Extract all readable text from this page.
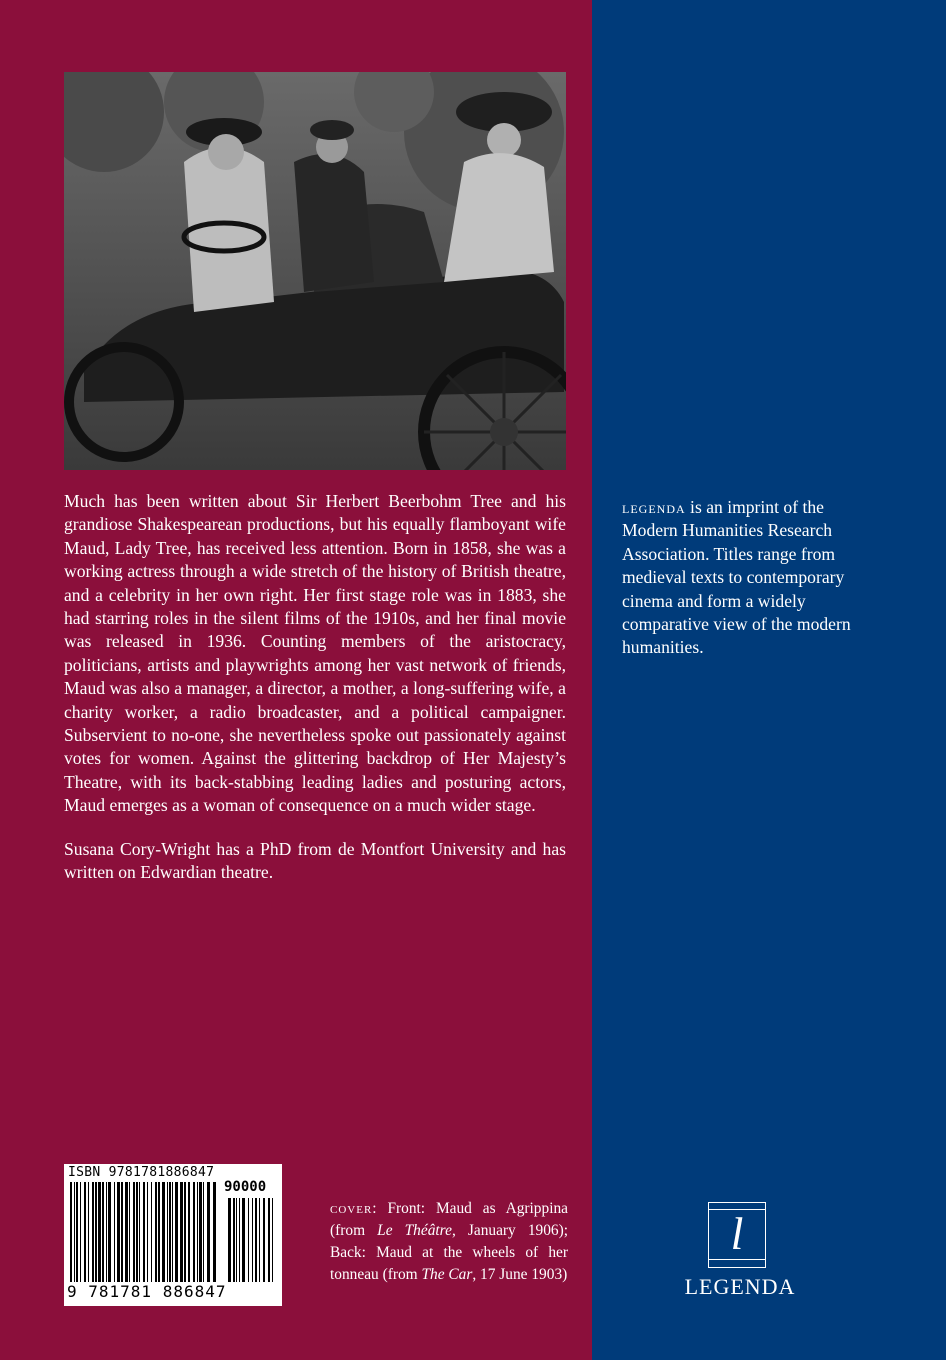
Much has been written about Sir Herbert Beerbohm Tree and his grandiose Shakespearean productions, but his equally flamboyant wife Maud, Lady Tree, has received less attention. Born in 1858, she was a working actress through a wide stretch of the history of British theatre, and a celebrity in her own right. Her first stage role was in 1883, she had starring roles in the silent films of the 1910s, and her final movie was released in 1936. Counting members of the aristocracy, politicians, artists and playwrights among her vast network of friends, Maud was also a manager, a director, a mother, a long-suffering wife, a charity worker, a radio broadcaster, and a political campaigner. Subservient to no-one, she nevertheless spoke out passionately against votes for women. Against the glittering backdrop of Her Majesty’s Theatre, with its back-stabbing leading ladies and posturing actors, Maud emerges as a woman of consequence on a much wider stage.

Susana Cory-Wright has a PhD from de Montfort University and has written on Edwardian theatre.

legenda is an imprint of the Modern Humanities Research Association. Titles range from medieval texts to contemporary cinema and form a widely comparative view of the modern humanities.
ISBN 9781781886847
90000
9 781781 886847
cover: Front: Maud as Agrippina (from Le Théâtre, January 1906); Back: Maud at the wheels of her tonneau (from The Car, 17 June 1903)
l
LEGENDA
